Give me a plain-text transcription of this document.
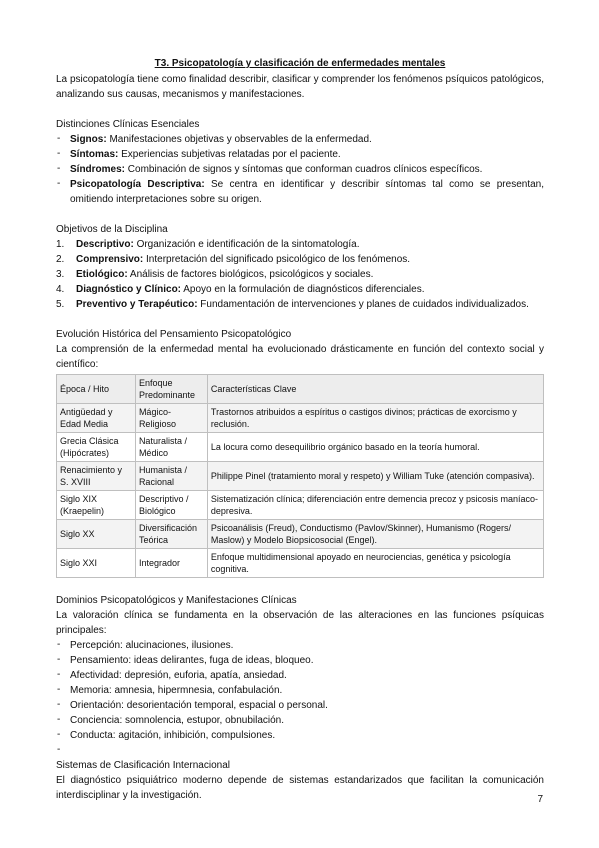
T3. Psicopatología y clasificación de enfermedades mentales

La psicopatología tiene como finalidad describir, clasificar y comprender los fenómenos psíquicos patológicos, analizando sus causas, mecanismos y manifestaciones.

Distinciones Clínicas Esenciales
- Signos: Manifestaciones objetivas y observables de la enfermedad.
- Síntomas: Experiencias subjetivas relatadas por el paciente.
- Síndromes: Combinación de signos y síntomas que conforman cuadros clínicos específicos.
- Psicopatología Descriptiva: Se centra en identificar y describir síntomas tal como se presentan, omitiendo interpretaciones sobre su origen.
Objetivos de la Disciplina
1. Descriptivo: Organización e identificación de la sintomatología.
2. Comprensivo: Interpretación del significado psicológico de los fenómenos.
3. Etiológico: Análisis de factores biológicos, psicológicos y sociales.
4. Diagnóstico y Clínico: Apoyo en la formulación de diagnósticos diferenciales.
5. Preventivo y Terapéutico: Fundamentación de intervenciones y planes de cuidados individualizados.
Evolución Histórica del Pensamiento Psicopatológico

La comprensión de la enfermedad mental ha evolucionado drásticamente en función del contexto social y científico:

Época / Hito	Enfoque Predominante	Características Clave
Antigüedad y Edad Media	Mágico-Religioso	Trastornos atribuidos a espíritus o castigos divinos; prácticas de exorcismo y reclusión.
Grecia Clásica (Hipócrates)	Naturalista / Médico	La locura como desequilibrio orgánico basado en la teoría humoral.
Renacimiento y S. XVIII	Humanista / Racional	Philippe Pinel (tratamiento moral y respeto) y William Tuke (atención compasiva).
Siglo XIX (Kraepelin)	Descriptivo / Biológico	Sistematización clínica; diferenciación entre demencia precoz y psicosis maníaco-depresiva.
Siglo XX	Diversificación Teórica	Psicoanálisis (Freud), Conductismo (Pavlov/Skinner), Humanismo (Rogers/ Maslow) y Modelo Biopsicosocial (Engel).
Siglo XXI	Integrador	Enfoque multidimensional apoyado en neurociencias, genética y psicología cognitiva.
Dominios Psicopatológicos y Manifestaciones Clínicas

La valoración clínica se fundamenta en la observación de las alteraciones en las funciones psíquicas principales:

- Percepción: alucinaciones, ilusiones.
- Pensamiento: ideas delirantes, fuga de ideas, bloqueo.
- Afectividad: depresión, euforia, apatía, ansiedad.
- Memoria: amnesia, hipermnesia, confabulación.
- Orientación: desorientación temporal, espacial o personal.
- Conciencia: somnolencia, estupor, obnubilación.
- Conducta: agitación, inhibición, compulsiones.
-
Sistemas de Clasificación Internacional

El diagnóstico psiquiátrico moderno depende de sistemas estandarizados que facilitan la comunicación interdisciplinar y la investigación.	7
